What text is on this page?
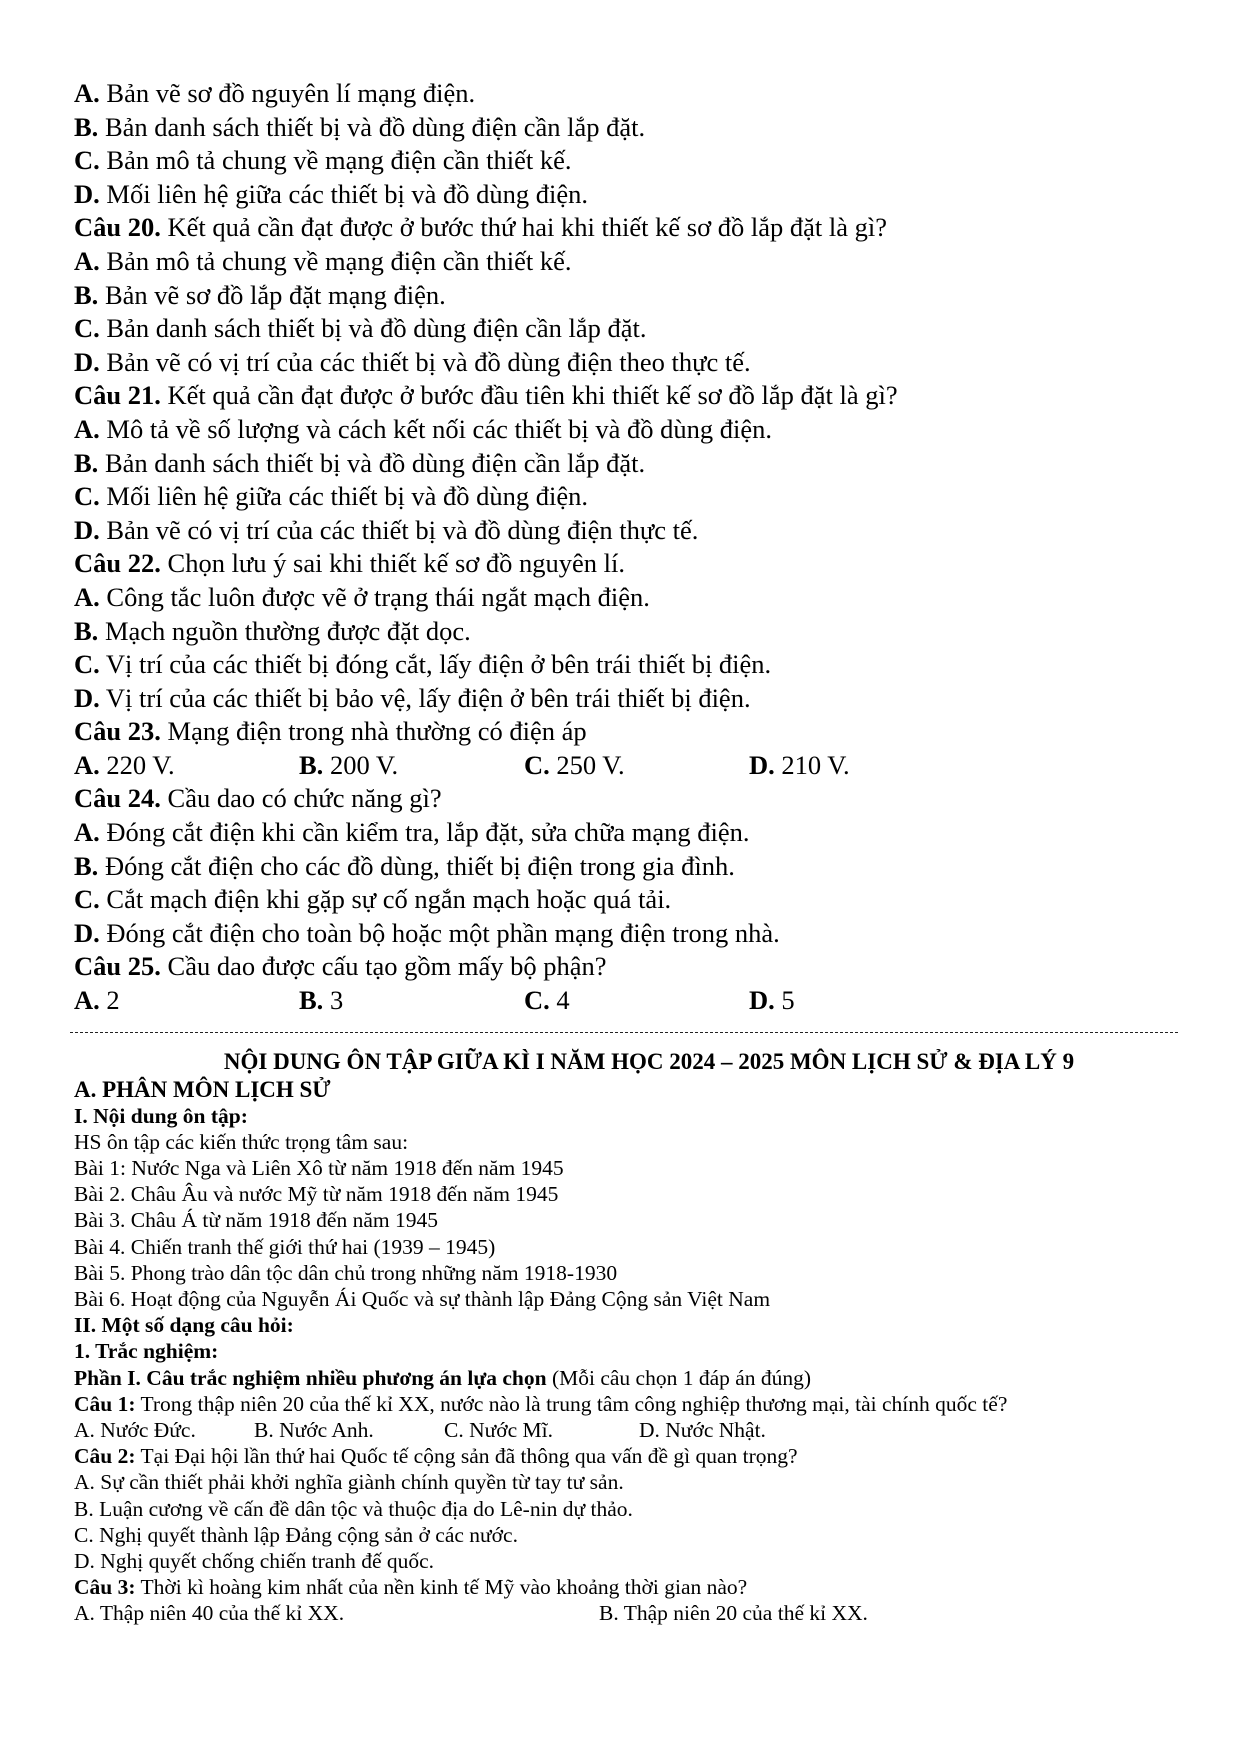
A. Bản vẽ sơ đồ nguyên lí mạng điện.
B. Bản danh sách thiết bị và đồ dùng điện cần lắp đặt.
C. Bản mô tả chung về mạng điện cần thiết kế.
D. Mối liên hệ giữa các thiết bị và đồ dùng điện.
Câu 20. Kết quả cần đạt được ở bước thứ hai khi thiết kế sơ đồ lắp đặt là gì?
A. Bản mô tả chung về mạng điện cần thiết kế.
B. Bản vẽ sơ đồ lắp đặt mạng điện.
C. Bản danh sách thiết bị và đồ dùng điện cần lắp đặt.
D. Bản vẽ có vị trí của các thiết bị và đồ dùng điện theo thực tế.
Câu 21. Kết quả cần đạt được ở bước đầu tiên khi thiết kế sơ đồ lắp đặt là gì?
A. Mô tả về số lượng và cách kết nối các thiết bị và đồ dùng điện.
B. Bản danh sách thiết bị và đồ dùng điện cần lắp đặt.
C. Mối liên hệ giữa các thiết bị và đồ dùng điện.
D. Bản vẽ có vị trí của các thiết bị và đồ dùng điện thực tế.
Câu 22. Chọn lưu ý sai khi thiết kế sơ đồ nguyên lí.
A. Công tắc luôn được vẽ ở trạng thái ngắt mạch điện.
B. Mạch nguồn thường được đặt dọc.
C. Vị trí của các thiết bị đóng cắt, lấy điện ở bên trái thiết bị điện.
D. Vị trí của các thiết bị bảo vệ, lấy điện ở bên trái thiết bị điện.
Câu 23. Mạng điện trong nhà thường có điện áp
A. 220 V.	B. 200 V.	C. 250 V.	D. 210 V.
Câu 24. Cầu dao có chức năng gì?
A. Đóng cắt điện khi cần kiểm tra, lắp đặt, sửa chữa mạng điện.
B. Đóng cắt điện cho các đồ dùng, thiết bị điện trong gia đình.
C. Cắt mạch điện khi gặp sự cố ngắn mạch hoặc quá tải.
D. Đóng cắt điện cho toàn bộ hoặc một phần mạng điện trong nhà.
Câu 25. Cầu dao được cấu tạo gồm mấy bộ phận?
A. 2	B. 3	C. 4	D. 5
NỘI DUNG ÔN TẬP GIỮA KÌ I NĂM HỌC 2024 – 2025 MÔN LỊCH SỬ & ĐỊA LÝ 9
A. PHÂN MÔN LỊCH SỬ
I. Nội dung ôn tập:
HS ôn tập các kiến thức trọng tâm sau:
Bài 1: Nước Nga và Liên Xô từ năm 1918 đến năm 1945
Bài 2. Châu Âu và nước Mỹ từ năm 1918 đến năm 1945
Bài 3. Châu Á từ năm 1918 đến năm 1945
Bài 4. Chiến tranh thế giới thứ hai (1939 – 1945)
Bài 5. Phong trào dân tộc dân chủ trong những năm 1918-1930
Bài 6. Hoạt động của Nguyễn Ái Quốc và sự thành lập Đảng Cộng sản Việt Nam
II. Một số dạng câu hỏi:
1. Trắc nghiệm:
Phần I. Câu trắc nghiệm nhiều phương án lựa chọn (Mỗi câu chọn 1 đáp án đúng)
Câu 1: Trong thập niên 20 của thế kỉ XX, nước nào là trung tâm công nghiệp thương mại, tài chính quốc tế?
A. Nước Đức.	B. Nước Anh.	C. Nước Mĩ.	D. Nước Nhật.
Câu 2: Tại Đại hội lần thứ hai Quốc tế cộng sản đã thông qua vấn đề gì quan trọng?
A. Sự cần thiết phải khởi nghĩa giành chính quyền từ tay tư sản.
B. Luận cương về cấn đề dân tộc và thuộc địa do Lê-nin dự thảo.
C. Nghị quyết thành lập Đảng cộng sản ở các nước.
D. Nghị quyết chống chiến tranh đế quốc.
Câu 3: Thời kì hoàng kim nhất của nền kinh tế Mỹ vào khoảng thời gian nào?
A. Thập niên 40 của thế kỉ XX.	B. Thập niên 20 của thế kỉ XX.
